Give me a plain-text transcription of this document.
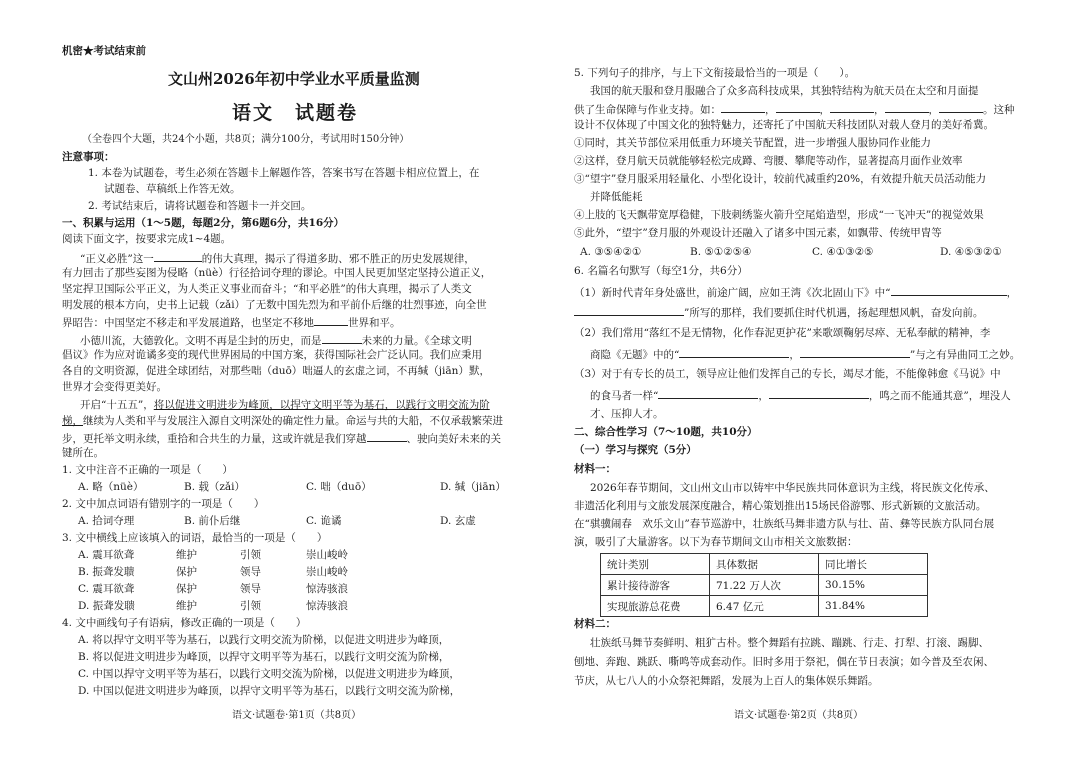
机密★考试结束前
文山州2026年初中学业水平质量监测
语文　试题卷
（全卷四个大题，共24个小题，共8页；满分100分，考试用时150分钟）
注意事项：
1. 本卷为试题卷，考生必须在答题卡上解题作答，答案书写在答题卡相应位置上，在
试题卷、草稿纸上作答无效。
2. 考试结束后，请将试题卷和答题卡一并交回。
一、积累与运用（1～5题，每题2分，第6题6分，共16分）
阅读下面文字，按要求完成1~4题。
“正义必胜”这一	的伟大真理，揭示了得道多助、邪不胜正的历史发展规律，
有力回击了那些妄图为侵略（nüè）行径拾词夺理的谬论。中国人民更加坚定坚持公道正义，
坚定捍卫国际公平正义，为人类正义事业而奋斗；“和平必胜”的伟大真理，揭示了人类文
明发展的根本方向，史书上记载（zǎi）了无数中国先烈为和平前仆后继的壮烈事迹，向全世
界昭告：中国坚定不移走和平发展道路，也坚定不移地	世界和平。
小德川流，大德敦化。文明不再是尘封的历史，而是	未来的力量。《全球文明
倡议》作为应对诡谲多变的现代世界困局的中国方案，获得国际社会广泛认同。我们应秉用
各自的文明资源，促进全球团结，对那些咄（duō）咄逼人的玄虚之词，不再缄（jiān）默，
世界才会变得更美好。
开启“十五五”，将以促进文明进步为峰顶，以捍守文明平等为基石，以践行文明交流为阶
梯，继续为人类和平与发展注入源自文明深处的确定性力量。命运与共的大船，不仅承载繁荣进
步，更托举文明永续，重拾和合共生的力量，这或许就是我们穿越	、驶向美好未来的关
键所在。
1. 文中注音不正确的一项是（　　）
A. 略（nüè）	B. 载（zǎi）	C. 咄（duō）	D. 缄（jiān）
2. 文中加点词语有错别字的一项是（　　）
A. 拾词夺理	B. 前仆后继	C. 诡谲	D. 玄虚
3. 文中横线上应该填入的词语，最恰当的一项是（　　）
A. 震耳欲聋	维护	引领	崇山峻岭
B. 振聋发聩	保护	领导	崇山峻岭
C. 震耳欲聋	保护	领导	惊涛骇浪
D. 振聋发聩	维护	引领	惊涛骇浪
4. 文中画线句子有语病，修改正确的一项是（　　）
A. 将以捍守文明平等为基石，以践行文明交流为阶梯，以促进文明进步为峰顶，
B. 将以促进文明进步为峰顶，以捍守文明平等为基石，以践行文明交流为阶梯，
C. 中国以捍守文明平等为基石，以践行文明交流为阶梯，以促进文明进步为峰顶，
D. 中国以促进文明进步为峰顶，以捍守文明平等为基石，以践行文明交流为阶梯，
语文·试题卷·第1页（共8页）
5. 下列句子的排序，与上下文衔接最恰当的一项是（　　）。
我国的航天服和登月服融合了众多高科技成果，其独特结构为航天员在太空和月面提
供了生命保障与作业支持。如：	，	，	，	，	。这种
设计不仅体现了中国文化的独特魅力，还寄托了中国航天科技团队对载人登月的美好希冀。
①同时，其关节部位采用低重力环境关节配置，进一步增强人服协同作业能力
②这样，登月航天员就能够轻松完成蹲、弯腰、攀爬等动作，显著提高月面作业效率
③“望宇”登月服采用轻量化、小型化设计，较前代减重约20%，有效提升航天员活动能力
并降低能耗
④上肢的飞天飘带宽厚稳健，下肢刺绣鉴火箭升空尾焰造型，形成“一飞冲天”的视觉效果
⑤此外，“望宇”登月服的外观设计还融入了诸多中国元素，如飘带、传统甲胄等
A. ③⑤④②①	B. ⑤①②⑤④	C. ④①③②⑤	D. ④⑤③②①
6. 名篇名句默写（每空1分，共6分）
（1）新时代青年身处盛世，前途广阔，应如王湾《次北固山下》中“	，
”所写的那样，我们要抓住时代机遇，扬起理想风帆，奋发向前。
（2）我们常用“落红不是无情物，化作春泥更护花”来歌颂鞠躬尽瘁、无私奉献的精神，李
商隐《无题》中的“	，	”与之有异曲同工之妙。
（3）对于有专长的员工，领导应让他们发挥自己的专长，竭尽才能，不能像韩愈《马说》中
的食马者一样“	，	，鸣之而不能通其意”，埋没人
才、压抑人才。
二、综合性学习（7～10题，共10分）
（一）学习与探究（5分）
材料一：
2026年春节期间，文山州文山市以铸牢中华民族共同体意识为主线，将民族文化传承、
非遗活化利用与文旅发展深度融合，精心策划推出15场民俗游鄂、形式新颖的文旅活动。
在“骐骥闹春　欢乐文山”春节巡游中，壮族纸马舞非遗方队与壮、苗、彝等民族方队同台展
演，吸引了大量游客。以下为春节期间文山市相关文旅数据：
统计类别	具体数据	同比增长
累计接待游客	71.22 万人次	30.15%
实现旅游总花费	6.47 亿元	31.84%
材料二：
壮族纸马舞节奏鲜明、粗犷古朴。整个舞蹈有拉跳、蹦跳、行走、打犁、打滚、踢脚、
刨地、奔跑、跳跃、嘶鸣等成套动作。旧时多用于祭祀，偶在节日表演；如今普及至农闲、
节庆，从七八人的小众祭祀舞蹈，发展为上百人的集体娱乐舞蹈。
语文·试题卷·第2页（共8页）
